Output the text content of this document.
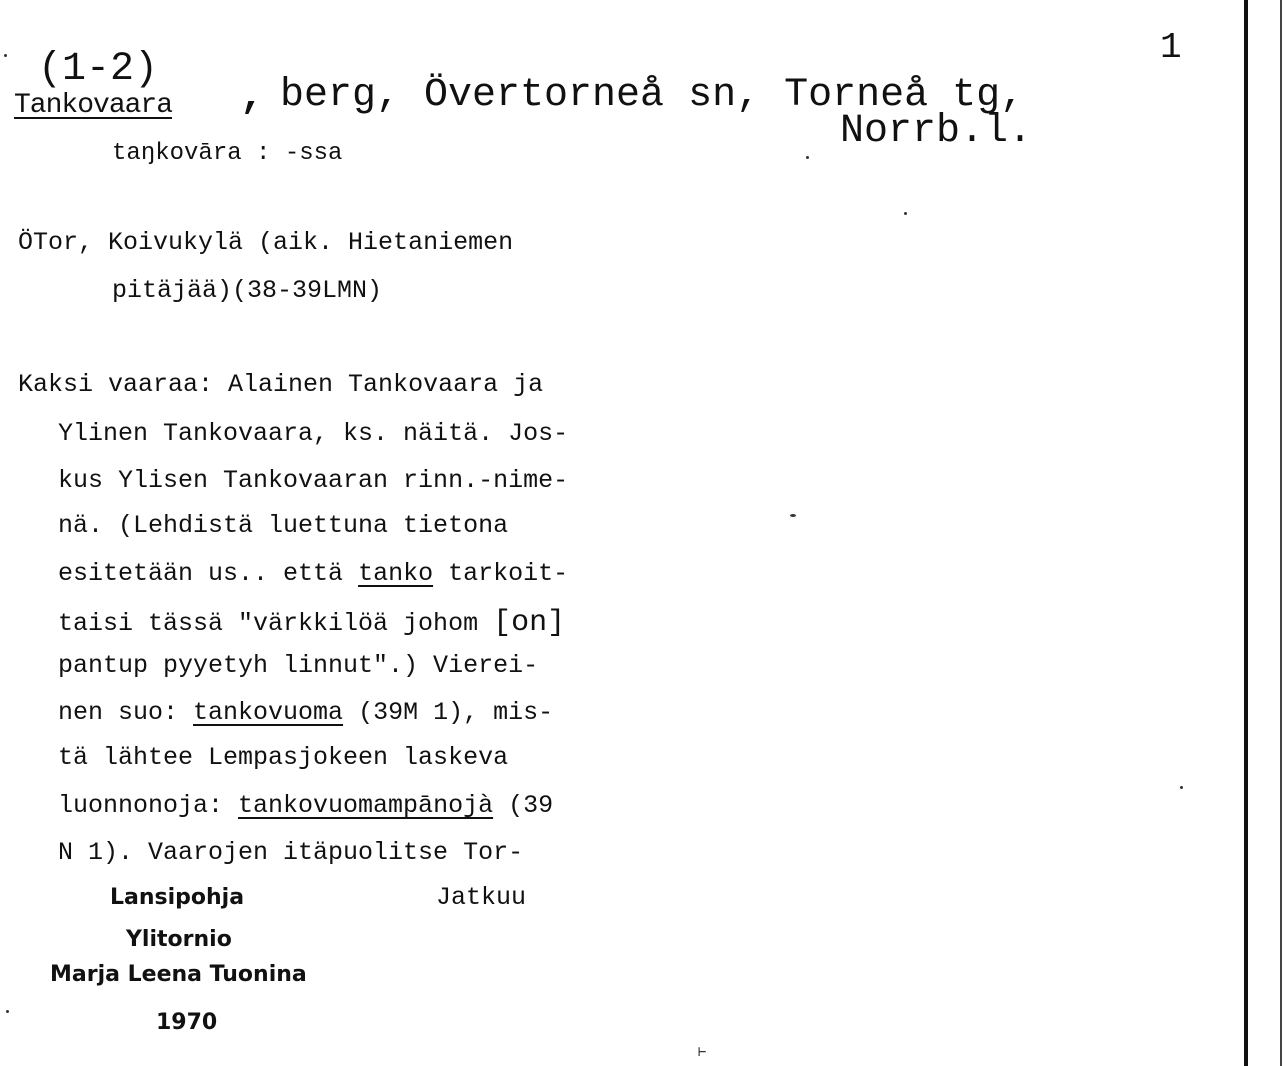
1
(1-2)
Tankovaara , berg, Övertorneå sn, Torneå tg,
Norrb.l.
taŋkovāra : -ssa
ÖTor, Koivukylä (aik. Hietaniemen
pitäjää)(38-39LMN)
Kaksi vaaraa: Alainen Tankovaara ja
Ylinen Tankovaara, ks. näitä. Jos-
kus Ylisen Tankovaaran rinn.-nime-
nä. (Lehdistä luettuna tietona
esitetään us.. että tanko tarkoit-
taisi tässä "värkkilöä johom [on]
pantup pyyetyh linnut".) Vierei-
nen suo: tankovuoma (39M 1), mis-
tä lähtee Lempasjokeen laskeva
luonnonoja: tankovuomampānojà (39
N 1). Vaarojen itäpuolitse Tor-
Jatkuu
Lansipohja
Ylitornio
Marja Leena Tuonina
1970
⊢
